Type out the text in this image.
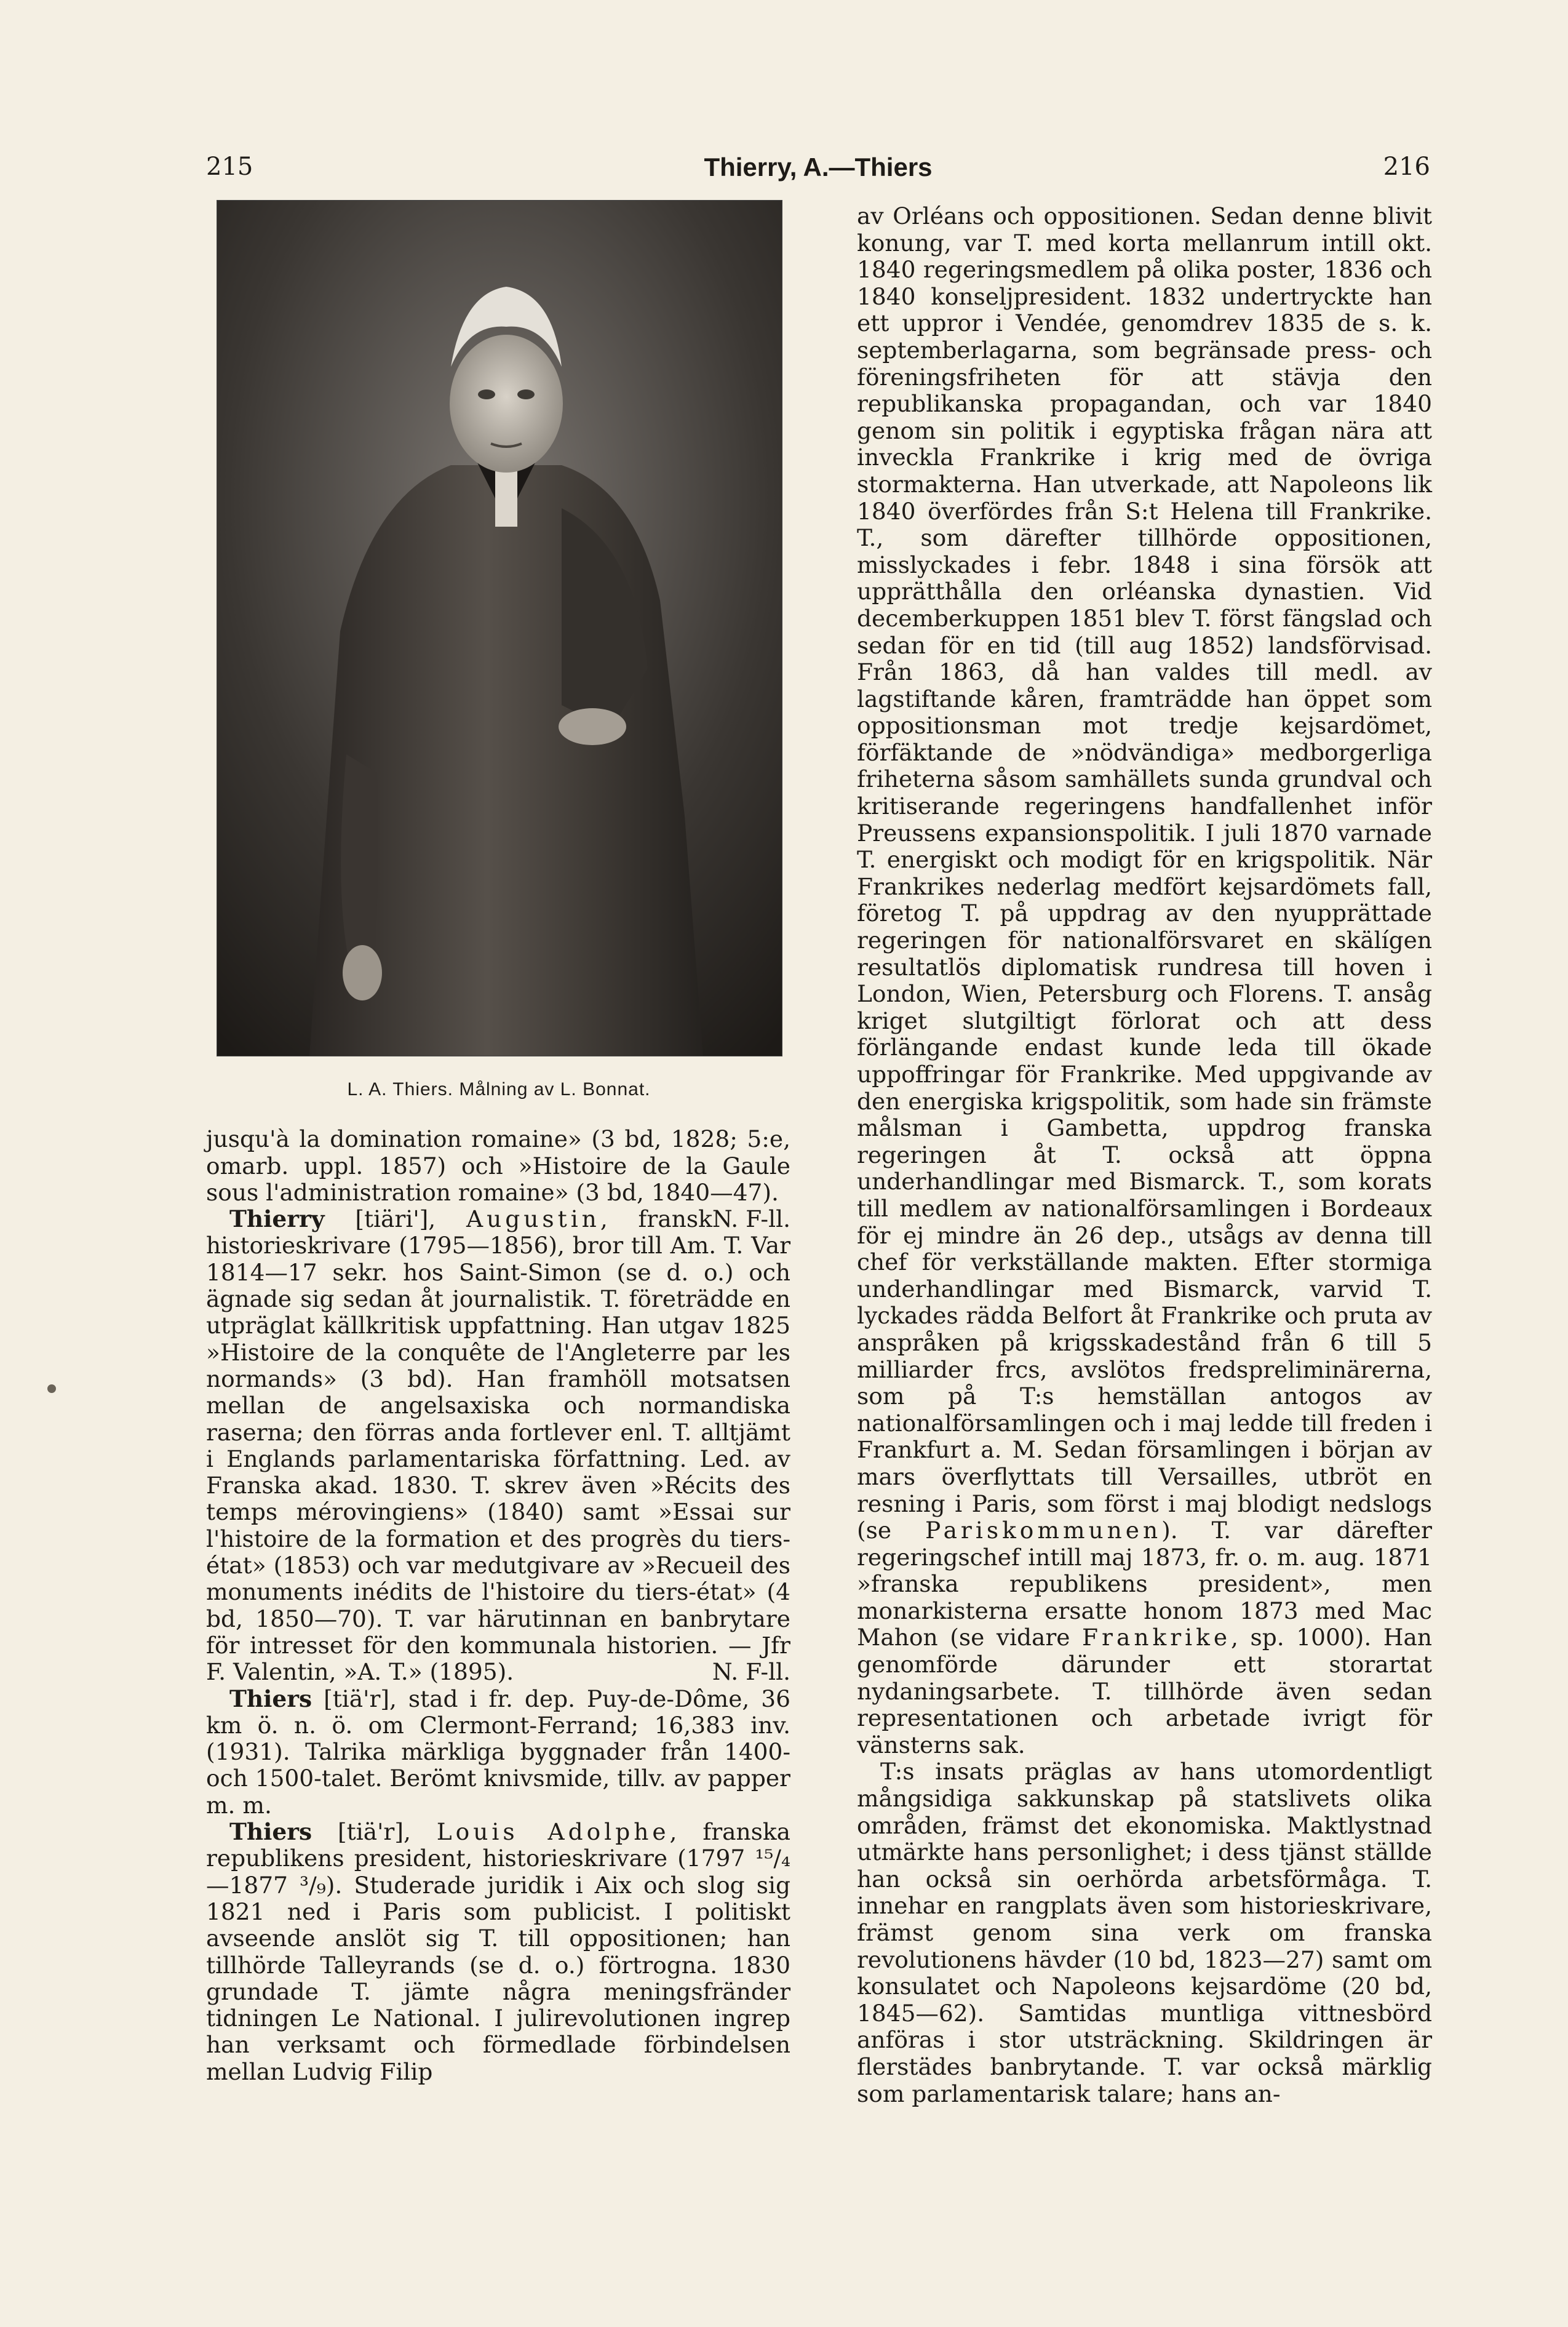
215	Thierry, A.—Thiers	216
L. A. Thiers. Målning av L. Bonnat.

jusqu'à la domination romaine» (3 bd, 1828; 5:e, omarb. uppl. 1857) och »Histoire de la Gaule sous l'administration romaine» (3 bd, 1840—47).
N. F-ll.

Thierry [tiäri'], Augustin, fransk historieskrivare (1795—1856), bror till Am. T. Var 1814—17 sekr. hos Saint-Simon (se d. o.) och ägnade sig sedan åt journalistik. T. företrädde en utpräglat källkritisk uppfattning. Han utgav 1825 »Histoire de la conquête de l'Angleterre par les normands» (3 bd). Han framhöll motsatsen mellan de angelsaxiska och normandiska raserna; den förras anda fortlever enl. T. alltjämt i Englands parlamentariska författning. Led. av Franska akad. 1830. T. skrev även »Récits des temps mérovingiens» (1840) samt »Essai sur l'histoire de la formation et des progrès du tiers-état» (1853) och var medutgivare av »Recueil des monuments inédits de l'histoire du tiers-état» (4 bd, 1850—70). T. var härutinnan en banbrytare för intresset för den kommunala historien. — Jfr F. Valentin, »A. T.» (1895).	N. F-ll.

Thiers [tiä'r], stad i fr. dep. Puy-de-Dôme, 36 km ö. n. ö. om Clermont-Ferrand; 16,383 inv. (1931). Talrika märkliga byggnader från 1400- och 1500-talet. Berömt knivsmide, tillv. av papper m. m.

Thiers [tiä'r], Louis Adolphe, franska republikens president, historieskrivare (1797 ¹⁵/₄—1877 ³/₉). Studerade juridik i Aix och slog sig 1821 ned i Paris som publicist. I politiskt avseende anslöt sig T. till oppositionen; han tillhörde Talleyrands (se d. o.) förtrogna. 1830 grundade T. jämte några meningsfränder tidningen Le National. I julirevolutionen ingrep han verksamt och förmedlade förbindelsen mellan Ludvig Filip

av Orléans och oppositionen. Sedan denne blivit konung, var T. med korta mellanrum intill okt. 1840 regeringsmedlem på olika poster, 1836 och 1840 konseljpresident. 1832 undertryckte han ett uppror i Vendée, genomdrev 1835 de s. k. septemberlagarna, som begränsade press- och föreningsfriheten för att stävja den republikanska propagandan, och var 1840 genom sin politik i egyptiska frågan nära att inveckla Frankrike i krig med de övriga stormakterna. Han utverkade, att Napoleons lik 1840 överfördes från S:t Helena till Frankrike. T., som därefter tillhörde oppositionen, misslyckades i febr. 1848 i sina försök att upprätthålla den orléanska dynastien. Vid decemberkuppen 1851 blev T. först fängslad och sedan för en tid (till aug 1852) landsförvisad. Från 1863, då han valdes till medl. av lagstiftande kåren, framträdde han öppet som oppositionsman mot tredje kejsardömet, förfäktande de »nödvändiga» medborgerliga friheterna såsom samhällets sunda grundval och kritiserande regeringens handfallenhet inför Preussens expansionspolitik. I juli 1870 varnade T. energiskt och modigt för en krigspolitik. När Frankrikes nederlag medfört kejsardömets fall, företog T. på uppdrag av den nyupprättade regeringen för nationalförsvaret en skälígen resultatlös diplomatisk rundresa till hoven i London, Wien, Petersburg och Florens. T. ansåg kriget slutgiltigt förlorat och att dess förlängande endast kunde leda till ökade uppoffringar för Frankrike. Med uppgivande av den energiska krigspolitik, som hade sin främste målsman i Gambetta, uppdrog franska regeringen åt T. också att öppna underhandlingar med Bismarck. T., som korats till medlem av nationalförsamlingen i Bordeaux för ej mindre än 26 dep., utsågs av denna till chef för verkställande makten. Efter stormiga underhandlingar med Bismarck, varvid T. lyckades rädda Belfort åt Frankrike och pruta av anspråken på krigsskadestånd från 6 till 5 milliarder frcs, avslötos fredspreliminärerna, som på T:s hemställan antogos av nationalförsamlingen och i maj ledde till freden i Frankfurt a. M. Sedan församlingen i början av mars överflyttats till Versailles, utbröt en resning i Paris, som först i maj blodigt nedslogs (se Pariskommunen). T. var därefter regeringschef intill maj 1873, fr. o. m. aug. 1871 »franska republikens president», men monarkisterna ersatte honom 1873 med Mac Mahon (se vidare Frankrike, sp. 1000). Han genomförde därunder ett storartat nydaningsarbete. T. tillhörde även sedan representationen och arbetade ivrigt för vänsterns sak.

T:s insats präglas av hans utomordentligt mångsidiga sakkunskap på statslivets olika områden, främst det ekonomiska. Maktlystnad utmärkte hans personlighet; i dess tjänst ställde han också sin oerhörda arbetsförmåga. T. innehar en rangplats även som historieskrivare, främst genom sina verk om franska revolutionens hävder (10 bd, 1823—27) samt om konsulatet och Napoleons kejsardöme (20 bd, 1845—62). Samtidas muntliga vittnesbörd anföras i stor utsträckning. Skildringen är flerstädes banbrytande. T. var också märklig som parlamentarisk talare; hans an-
